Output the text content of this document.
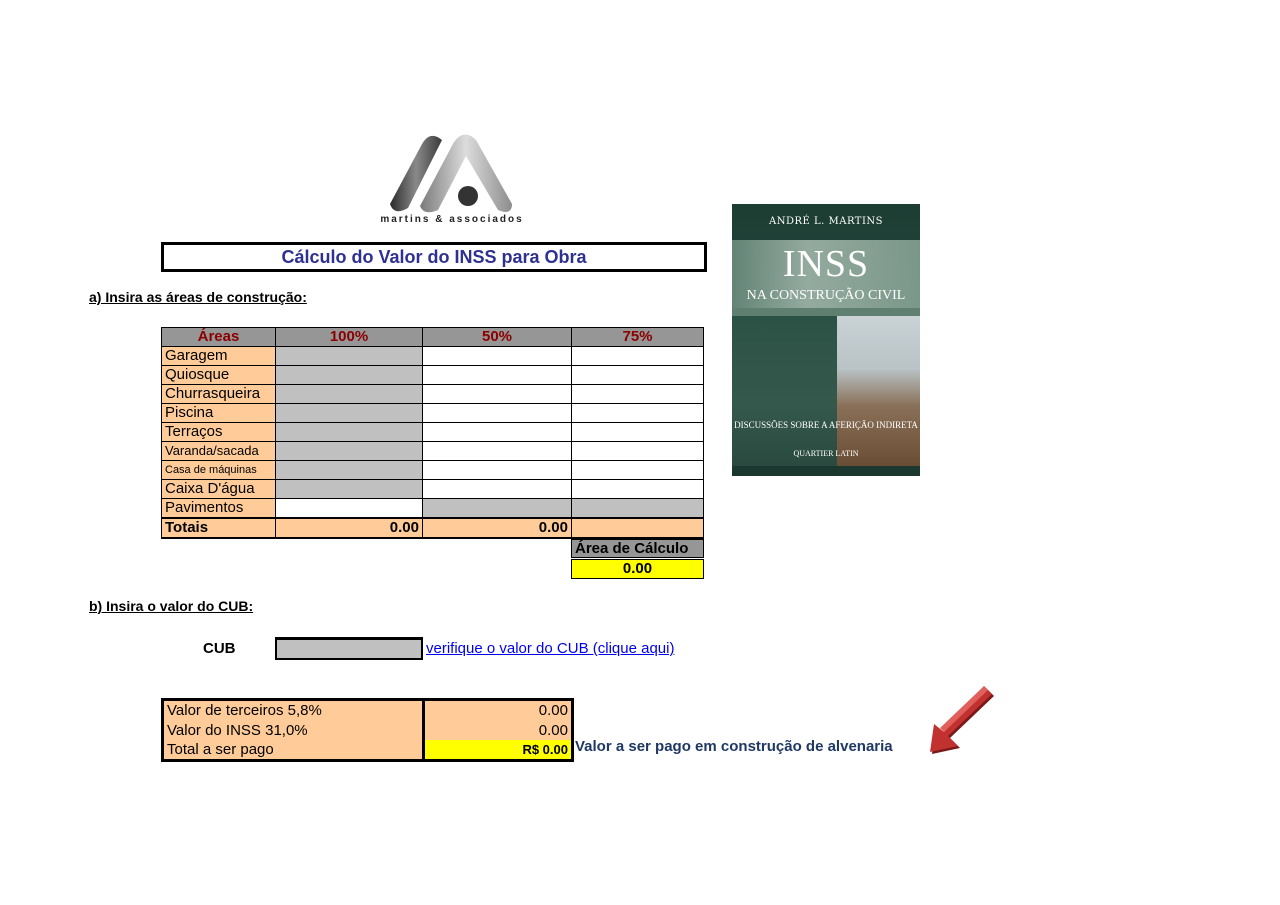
martins & associados
Cálculo do Valor do INSS para Obra
a) Insira as áreas de construção:
Áreas	100%	50%	75%
Garagem			
Quiosque			
Churrasqueira			
Piscina			
Terraços			
Varanda/sacada			
Casa de máquinas			
Caixa D'água			
Pavimentos			
Totais	0.00	0.00	
Área de Cálculo
0.00
b) Insira o valor do CUB:
CUB	verifique o valor do CUB (clique aqui)
Valor de terceiros 5,8%	0.00
Valor do INSS 31,0%	0.00
Total a ser pago	R$ 0.00 Valor a ser pago em construção de alvenaria
ANDRÉ L. MARTINS
INSS
NA CONSTRUÇÃO CIVIL
DISCUSSÕES SOBRE A AFERIÇÃO INDIRETA
QUARTIER LATIN
